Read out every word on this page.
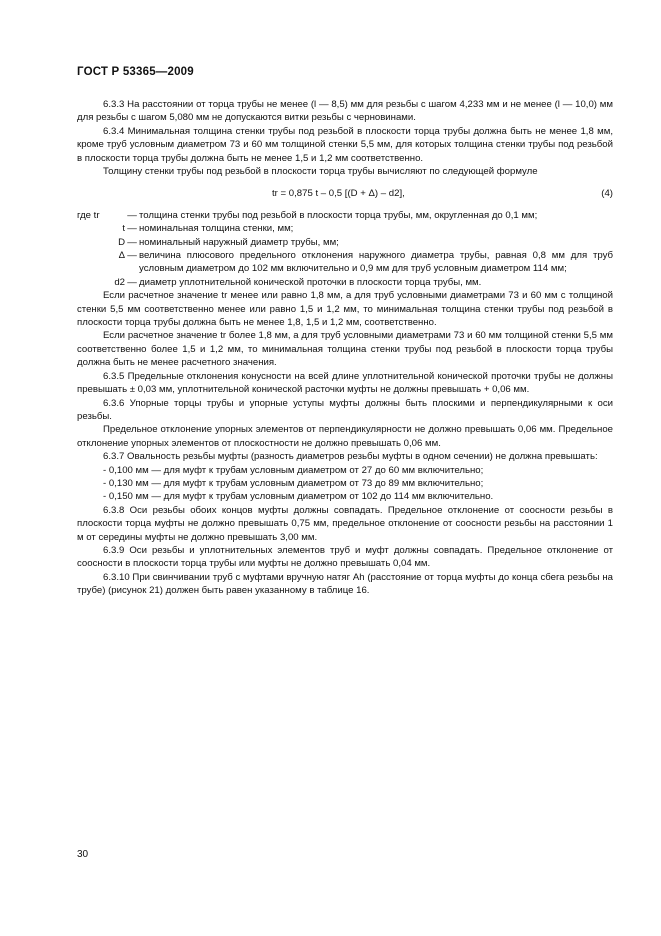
ГОСТ Р 53365—2009

6.3.3 На расстоянии от торца трубы не менее (l — 8,5) мм для резьбы с шагом 4,233 мм и не менее (l — 10,0) мм для резьбы с шагом 5,080 мм не допускаются витки резьбы с черновинами.

6.3.4 Минимальная толщина стенки трубы под резьбой в плоскости торца трубы должна быть не менее 1,8 мм, кроме труб условным диаметром 73 и 60 мм толщиной стенки 5,5 мм, для которых толщина стенки трубы под резьбой в плоскости торца трубы должна быть не менее 1,5 и 1,2 мм соответственно.

Толщину стенки трубы под резьбой в плоскости торца трубы вычисляют по следующей формуле

tr = 0,875 t – 0,5 [(D + Δ) – d2],	(4)
где tr	— толщина стенки трубы под резьбой в плоскости торца трубы, мм, округленная до 0,1 мм;
t — номинальная толщина стенки, мм;
D — номинальный наружный диаметр трубы, мм;
Δ — величина плюсового предельного отклонения наружного диаметра трубы, равная 0,8 мм для труб условным диаметром до 102 мм включительно и 0,9 мм для труб условным диаметром 114 мм;
d2 — диаметр уплотнительной конической проточки в плоскости торца трубы, мм.

Если расчетное значение tr менее или равно 1,8 мм, а для труб условными диаметрами 73 и 60 мм с толщиной стенки 5,5 мм соответственно менее или равно 1,5 и 1,2 мм, то минимальная толщина стенки трубы под резьбой в плоскости торца трубы должна быть не менее 1,8, 1,5 и 1,2 мм, соответственно.

Если расчетное значение tr более 1,8 мм, а для труб условными диаметрами 73 и 60 мм толщиной стенки 5,5 мм соответственно более 1,5 и 1,2 мм, то минимальная толщина стенки трубы под резьбой в плоскости торца трубы должна быть не менее расчетного значения.

6.3.5 Предельные отклонения конусности на всей длине уплотнительной конической проточки трубы не должны превышать ± 0,03 мм, уплотнительной конической расточки муфты не должны превышать + 0,06 мм.

6.3.6 Упорные торцы трубы и упорные уступы муфты должны быть плоскими и перпендикулярными к оси резьбы.

Предельное отклонение упорных элементов от перпендикулярности не должно превышать 0,06 мм. Предельное отклонение упорных элементов от плоскостности не должно превышать 0,06 мм.

6.3.7 Овальность резьбы муфты (разность диаметров резьбы муфты в одном сечении) не должна превышать:

- 0,100 мм — для муфт к трубам условным диаметром от 27 до 60 мм включительно;

- 0,130 мм — для муфт к трубам условным диаметром от 73 до 89 мм включительно;

- 0,150 мм — для муфт к трубам условным диаметром от 102 до 114 мм включительно.

6.3.8 Оси резьбы обоих концов муфты должны совпадать. Предельное отклонение от соосности резьбы в плоскости торца муфты не должно превышать 0,75 мм, предельное отклонение от соосности резьбы на расстоянии 1 м от середины муфты не должно превышать 3,00 мм.

6.3.9 Оси резьбы и уплотнительных элементов труб и муфт должны совпадать. Предельное отклонение от соосности в плоскости торца трубы или муфты не должно превышать 0,04 мм.

6.3.10 При свинчивании труб с муфтами вручную натяг Ah (расстояние от торца муфты до конца сбега резьбы на трубе) (рисунок 21) должен быть равен указанному в таблице 16.

30
